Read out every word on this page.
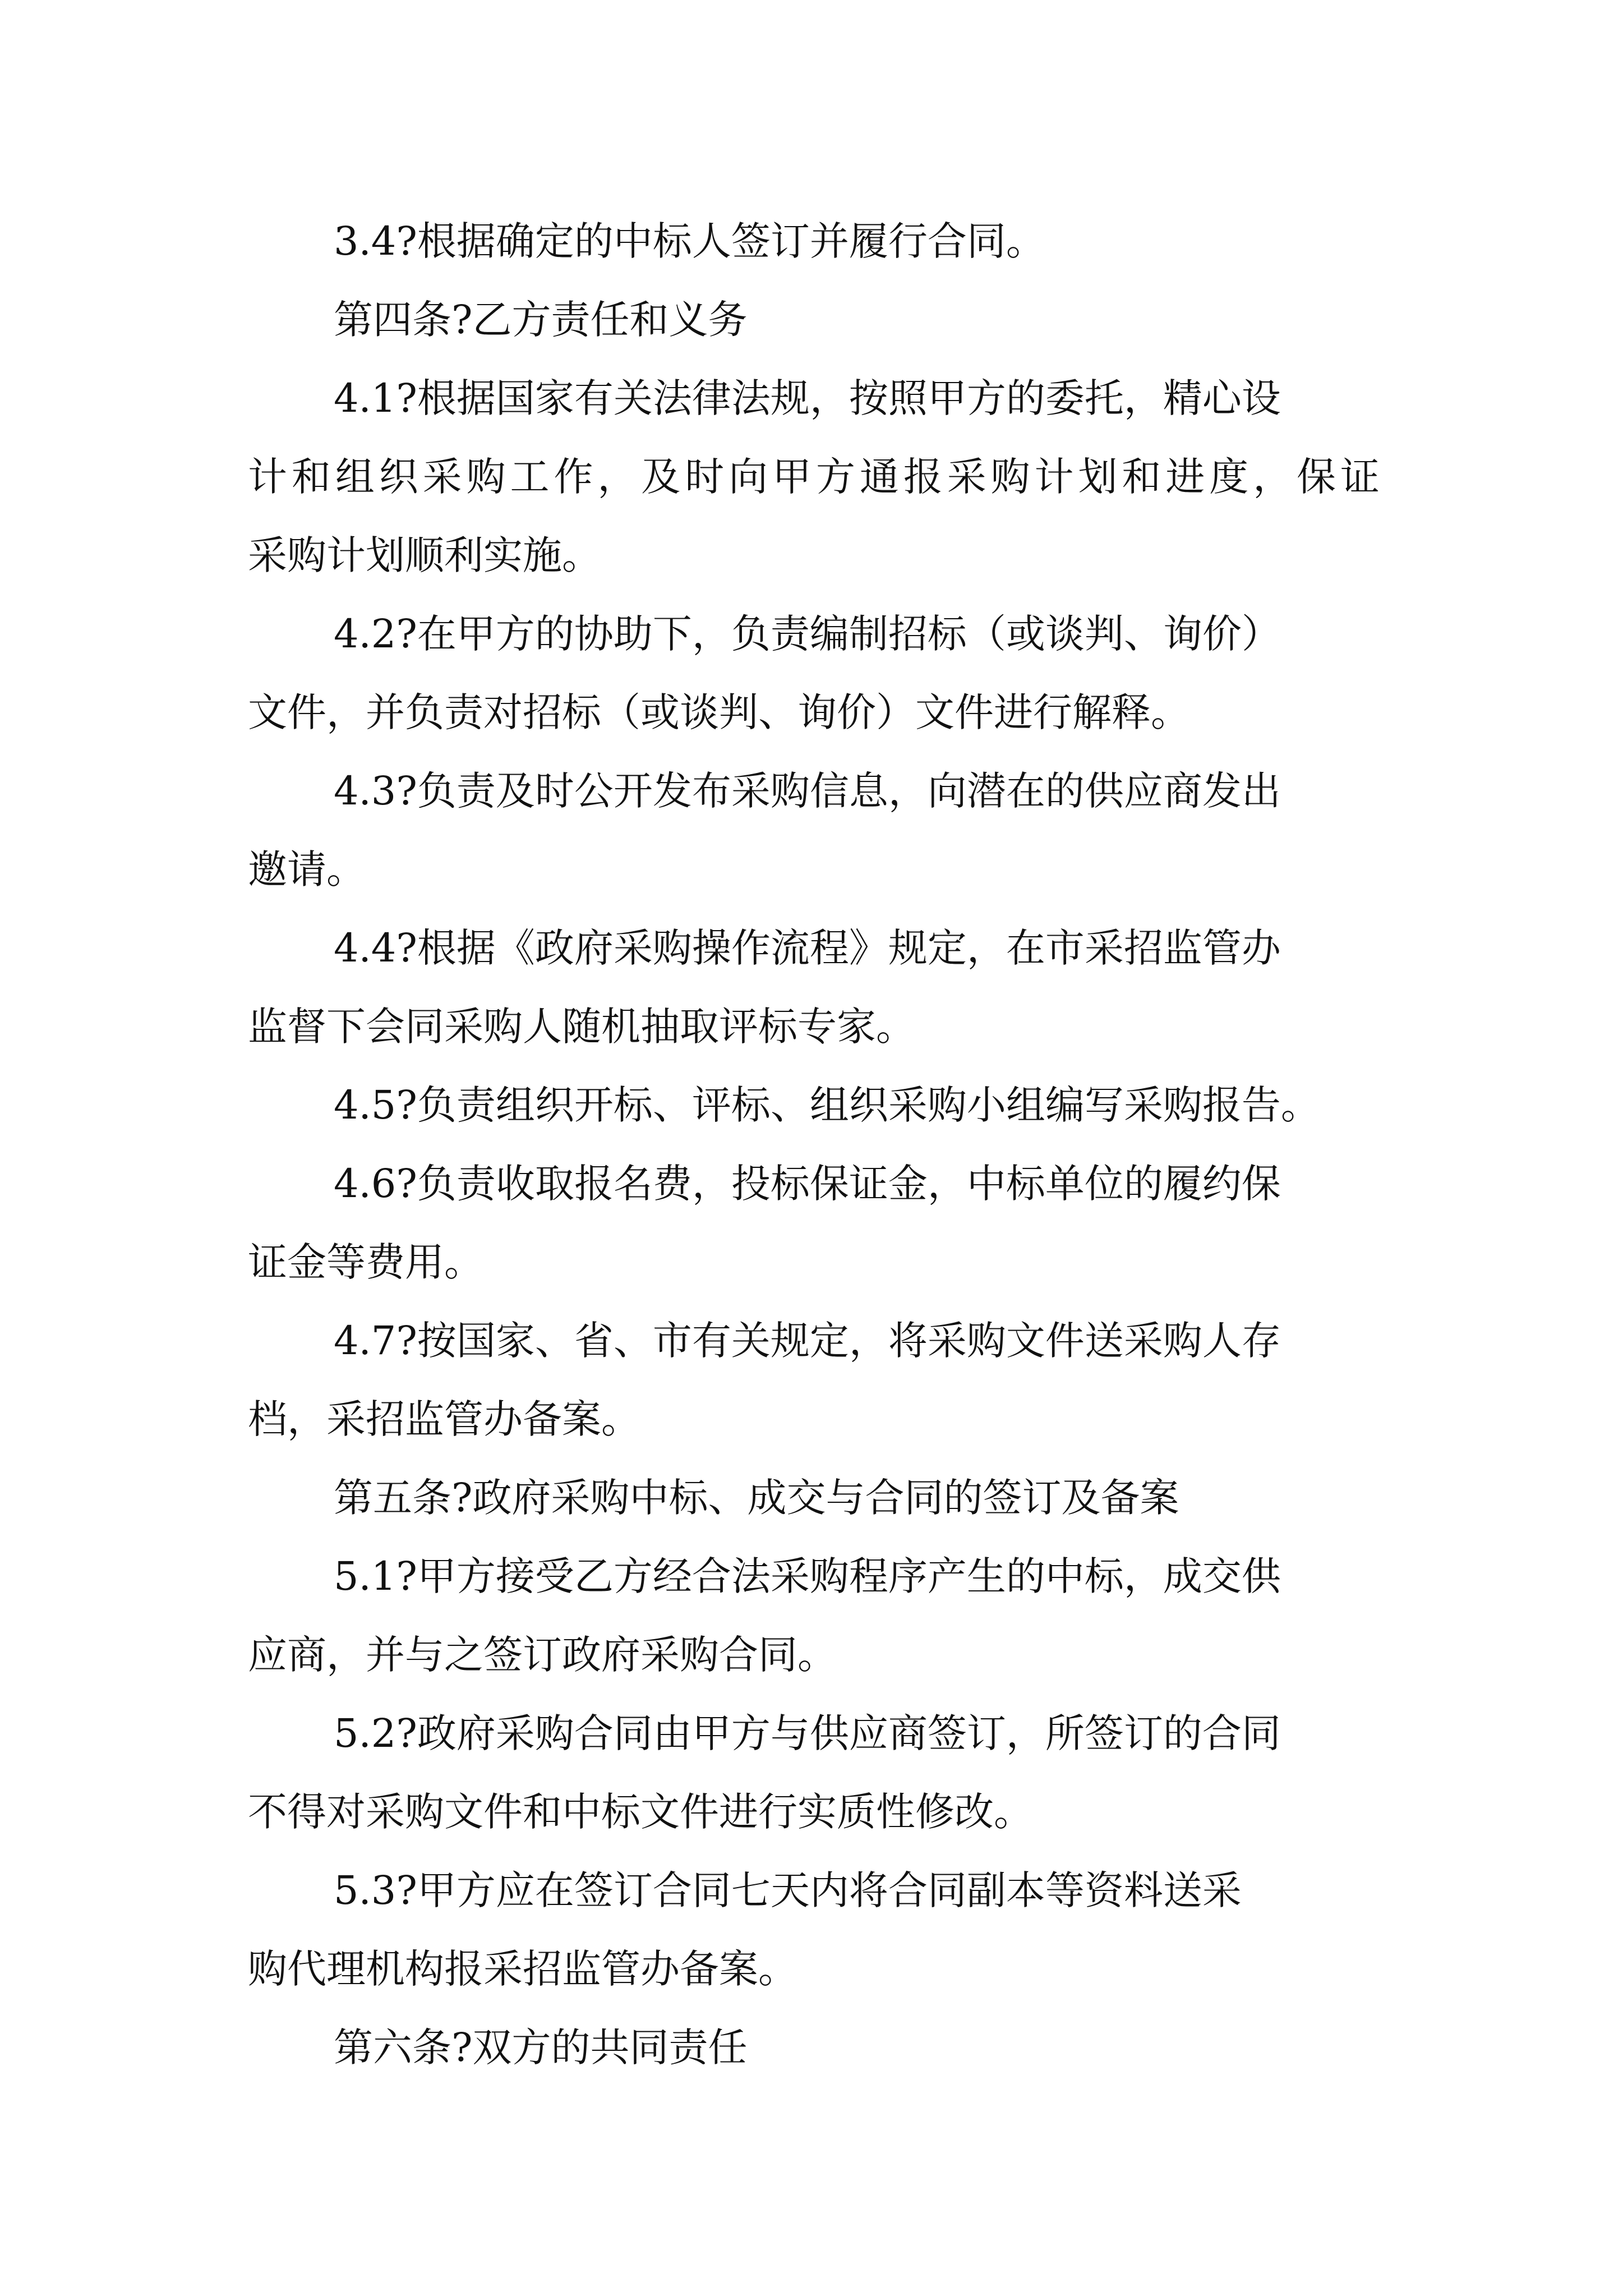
3.4?根据确定的中标人签订并履行合同。
第四条?乙方责任和义务
4.1?根据国家有关法律法规，按照甲方的委托，精心设
计和组织采购工作，及时向甲方通报采购计划和进度，保证
采购计划顺利实施。
4.2?在甲方的协助下，负责编制招标（或谈判、询价）
文件，并负责对招标（或谈判、询价）文件进行解释。
4.3?负责及时公开发布采购信息，向潜在的供应商发出
邀请。
4.4?根据《政府采购操作流程》规定，在市采招监管办
监督下会同采购人随机抽取评标专家。
4.5?负责组织开标、评标、组织采购小组编写采购报告。
4.6?负责收取报名费，投标保证金，中标单位的履约保
证金等费用。
4.7?按国家、省、市有关规定，将采购文件送采购人存
档，采招监管办备案。
第五条?政府采购中标、成交与合同的签订及备案
5.1?甲方接受乙方经合法采购程序产生的中标，成交供
应商，并与之签订政府采购合同。
5.2?政府采购合同由甲方与供应商签订，所签订的合同
不得对采购文件和中标文件进行实质性修改。
5.3?甲方应在签订合同七天内将合同副本等资料送采
购代理机构报采招监管办备案。
第六条?双方的共同责任
